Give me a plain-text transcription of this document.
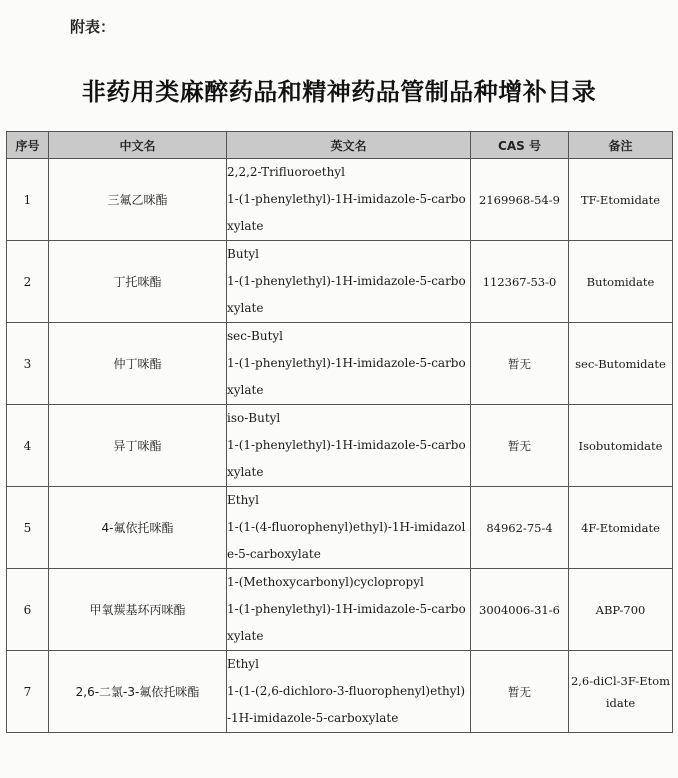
附表：
非药用类麻醉药品和精神药品管制品种增补目录
序号	中文名	英文名	CAS 号	备注
1	三氟乙咪酯	2,2,2-Trifluoroethyl
1-(1-phenylethyl)-1H-imidazole-5-carbo
xylate	2169968-54-9	TF-Etomidate

2	丁托咪酯	Butyl
1-(1-phenylethyl)-1H-imidazole-5-carbo
xylate	112367-53-0	Butomidate

3	仲丁咪酯	sec-Butyl
1-(1-phenylethyl)-1H-imidazole-5-carbo
xylate	暂无	sec-Butomidate

4	异丁咪酯	iso-Butyl
1-(1-phenylethyl)-1H-imidazole-5-carbo
xylate	暂无	Isobutomidate

5	4-氟依托咪酯	Ethyl
1-(1-(4-fluorophenyl)ethyl)-1H-imidazol
e-5-carboxylate	84962-75-4	4F-Etomidate

6	甲氧羰基环丙咪酯	1-(Methoxycarbonyl)cyclopropyl
1-(1-phenylethyl)-1H-imidazole-5-carbo
xylate	3004006-31-6	ABP-700

7	2,6-二氯-3-氟依托咪酯	Ethyl
1-(1-(2,6-dichloro-3-fluorophenyl)ethyl)
-1H-imidazole-5-carboxylate	暂无	2,6-diCl-3F-Etom
idate
